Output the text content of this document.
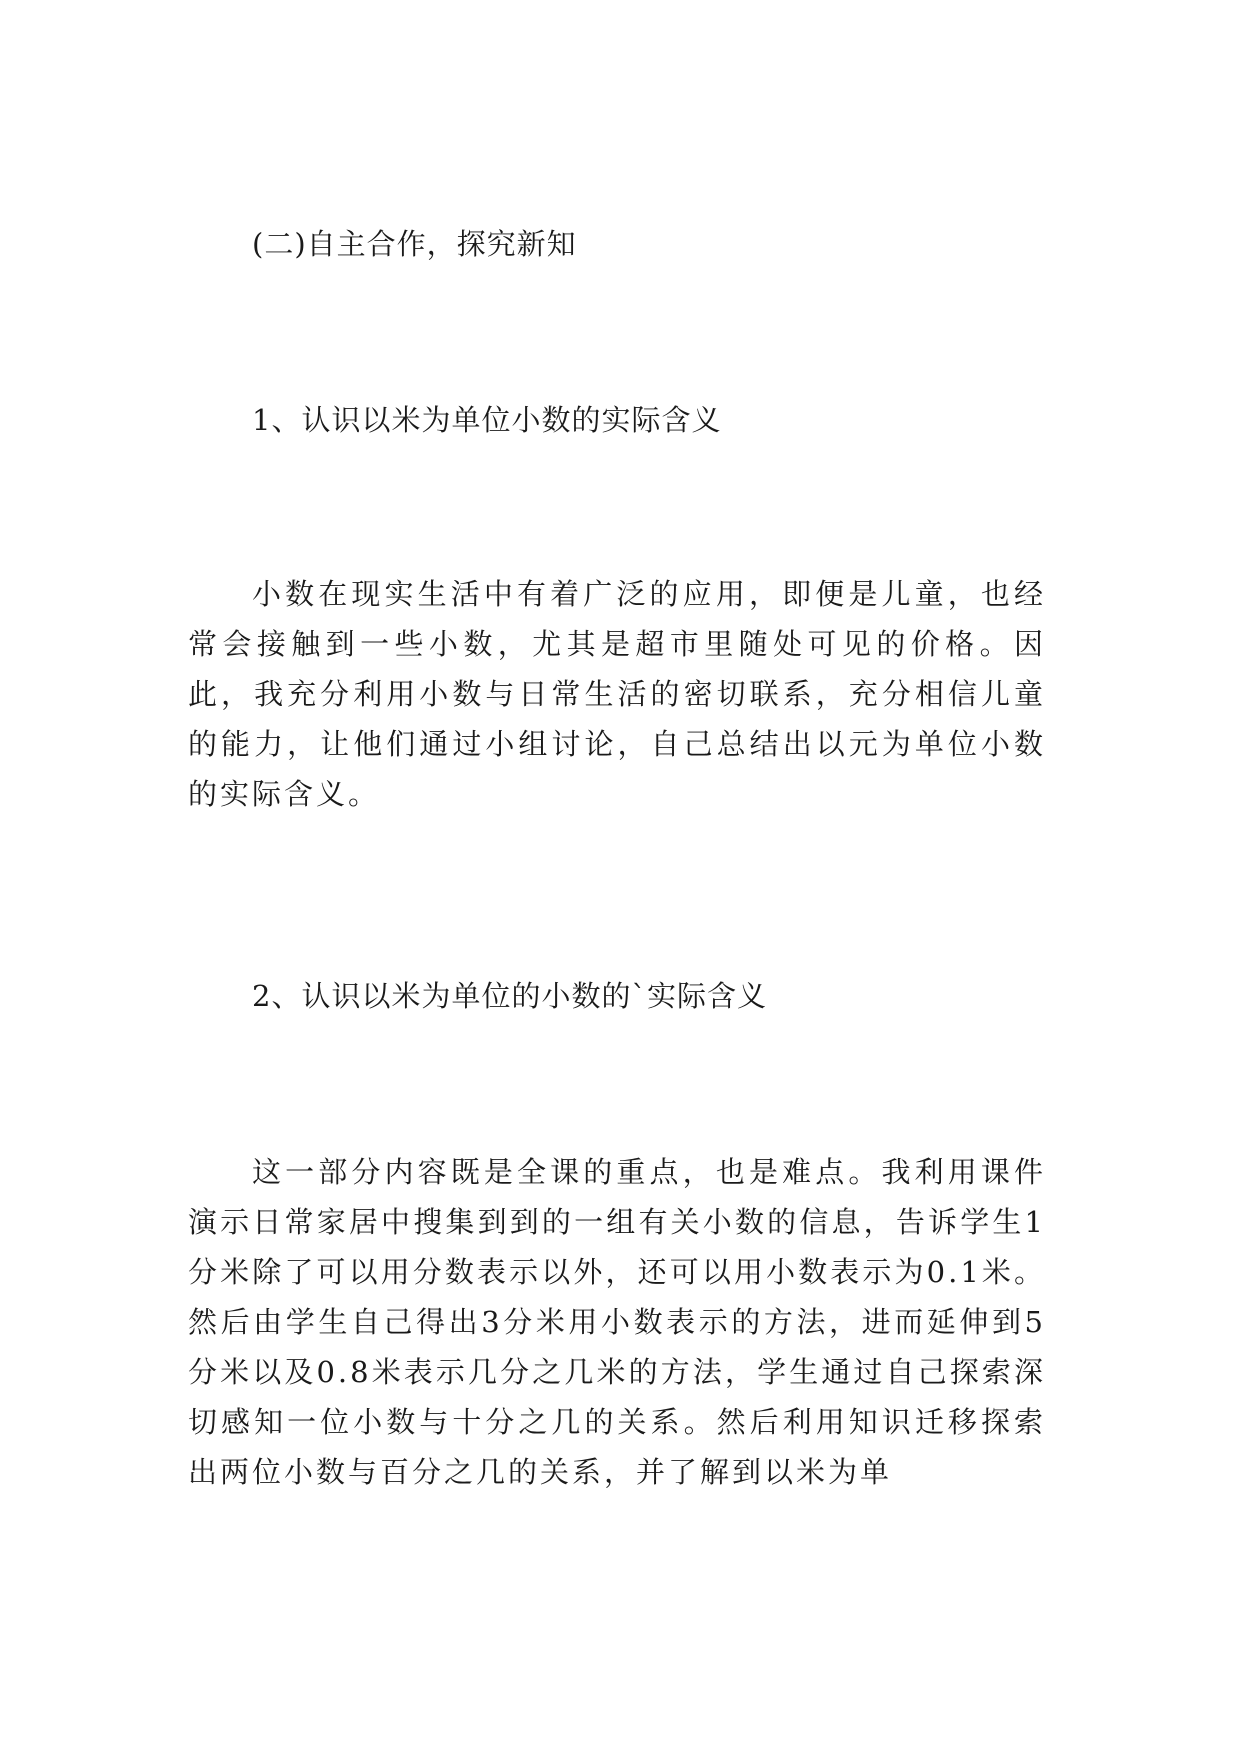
(二)自主合作，探究新知
1、认识以米为单位小数的实际含义

小数在现实生活中有着广泛的应用，即便是儿童，也经常会接触到一些小数，尤其是超市里随处可见的价格。因此，我充分利用小数与日常生活的密切联系，充分相信儿童的能力，让他们通过小组讨论，自己总结出以元为单位小数的实际含义。

2、认识以米为单位的小数的`实际含义

这一部分内容既是全课的重点，也是难点。我利用课件演示日常家居中搜集到到的一组有关小数的信息，告诉学生1分米除了可以用分数表示以外，还可以用小数表示为0.1米。然后由学生自己得出3分米用小数表示的方法，进而延伸到5分米以及0.8米表示几分之几米的方法，学生通过自己探索深切感知一位小数与十分之几的关系。然后利用知识迁移探索出两位小数与百分之几的关系，并了解到以米为单
